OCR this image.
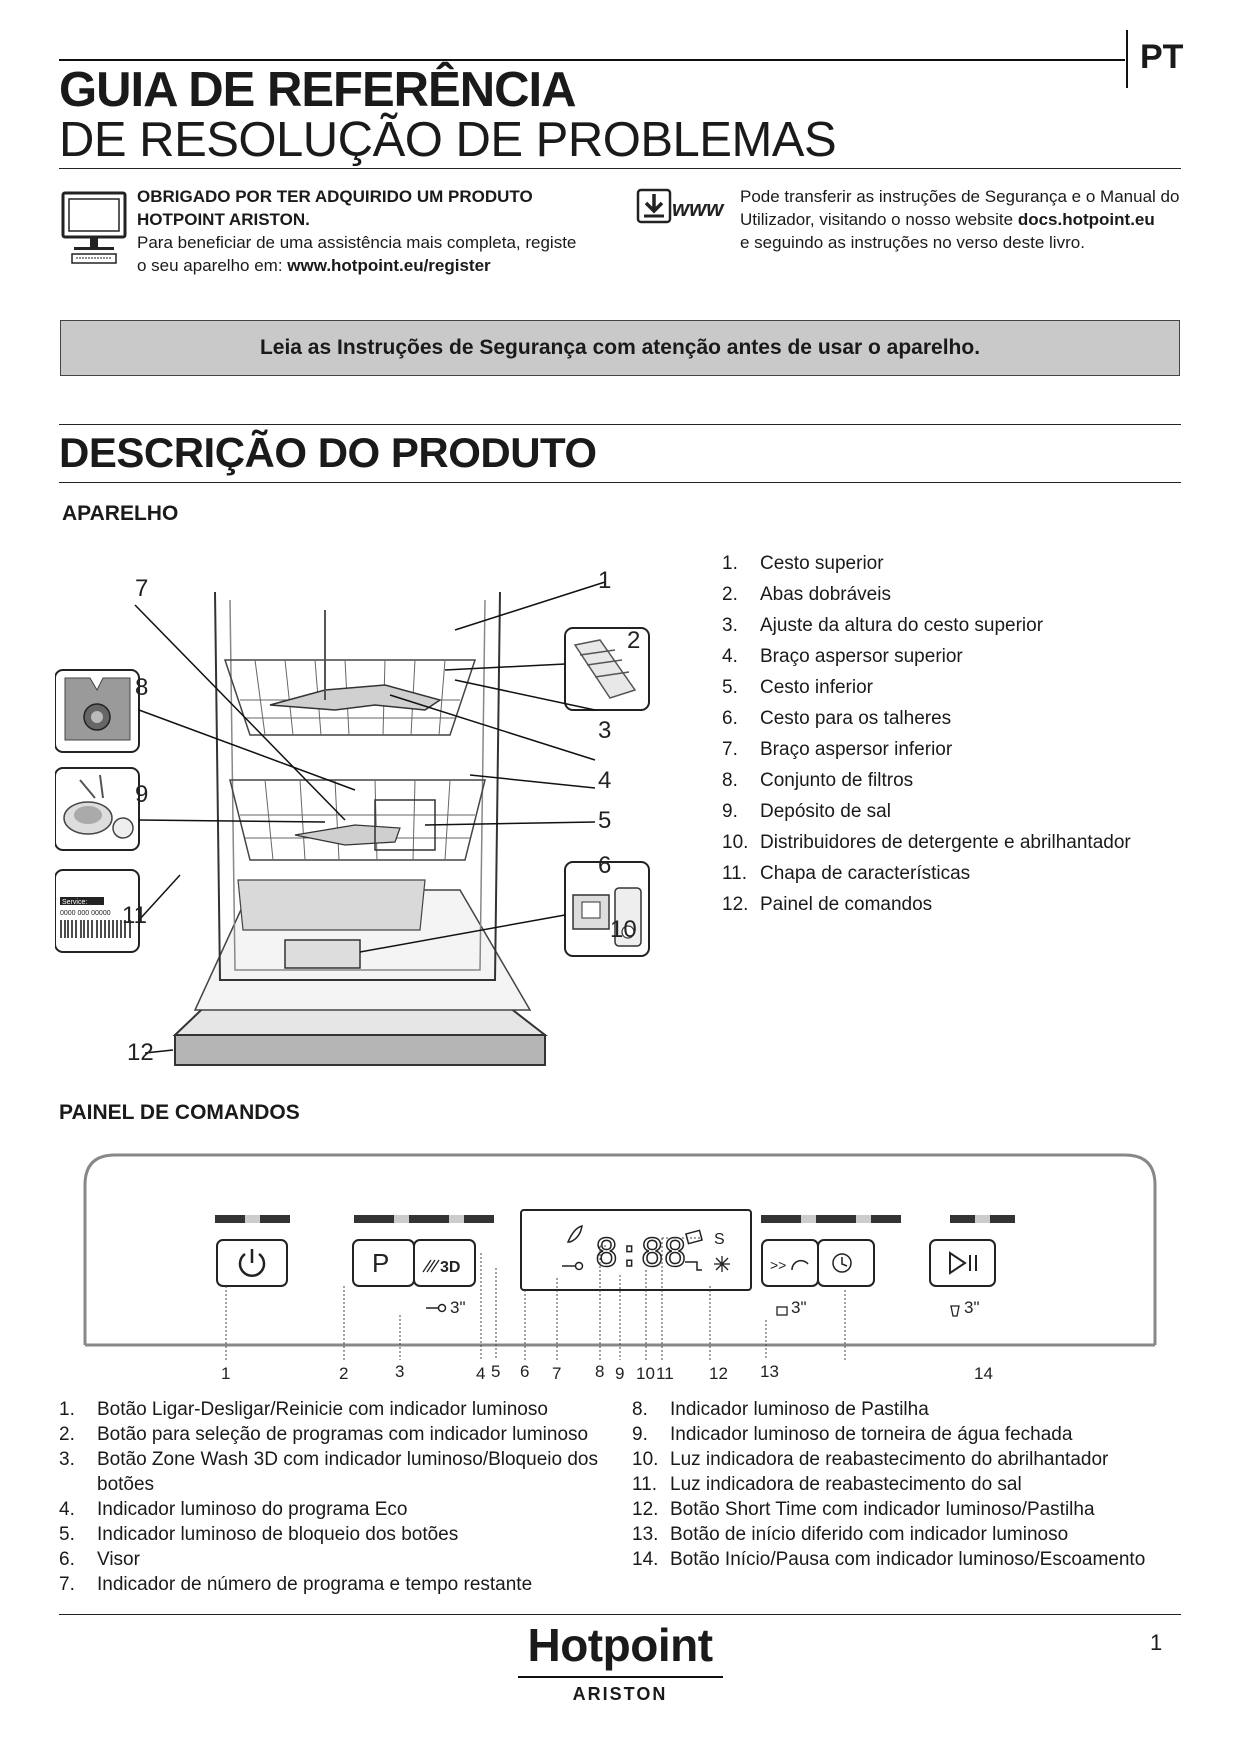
PT
GUIA DE REFERÊNCIA
DE RESOLUÇÃO DE PROBLEMAS
OBRIGADO POR TER ADQUIRIDO UM PRODUTO
HOTPOINT ARISTON.
Para beneficiar de uma assistência mais completa, registe
o seu aparelho em: www.hotpoint.eu/register
www Pode transferir as instruções de Segurança e o Manual do
Utilizador, visitando o nosso website docs.hotpoint.eu
e seguindo as instruções no verso deste livro.
Leia as Instruções de Segurança com atenção antes de usar o aparelho.
DESCRIÇÃO DO PRODUTO
APARELHO
Service:
0000 000 00000
1
2
3
4
5
6
7
8
9
10
11
12
1.	Cesto superior
2.	Abas dobráveis
3.	Ajuste da altura do cesto superior
4.	Braço aspersor superior
5.	Cesto inferior
6.	Cesto para os talheres
7.	Braço aspersor inferior
8.	Conjunto de filtros
9.	Depósito de sal
10. Distribuidores de detergente e abrilhantador
11. Chapa de características
12. Painel de comandos
PAINEL DE COMANDOS
P	3D
3"
8:88 S
>>
3"	3"
1	2	3	4 5 6 7 8 9 10 11 12 13	14
1.	Botão Ligar-Desligar/Reinicie com indicador luminoso
2.	Botão para seleção de programas com indicador luminoso
3.	Botão Zone Wash 3D com indicador luminoso/Bloqueio dos botões
4.	Indicador luminoso do programa Eco
5.	Indicador luminoso de bloqueio dos botões
6.	Visor
7.	Indicador de número de programa e tempo restante
8.	Indicador luminoso de Pastilha
9.	Indicador luminoso de torneira de água fechada
10. Luz indicadora de reabastecimento do abrilhantador
11. Luz indicadora de reabastecimento do sal
12. Botão Short Time com indicador luminoso/Pastilha
13. Botão de início diferido com indicador luminoso
14. Botão Início/Pausa com indicador luminoso/Escoamento
Hotpoint
ARISTON
1
